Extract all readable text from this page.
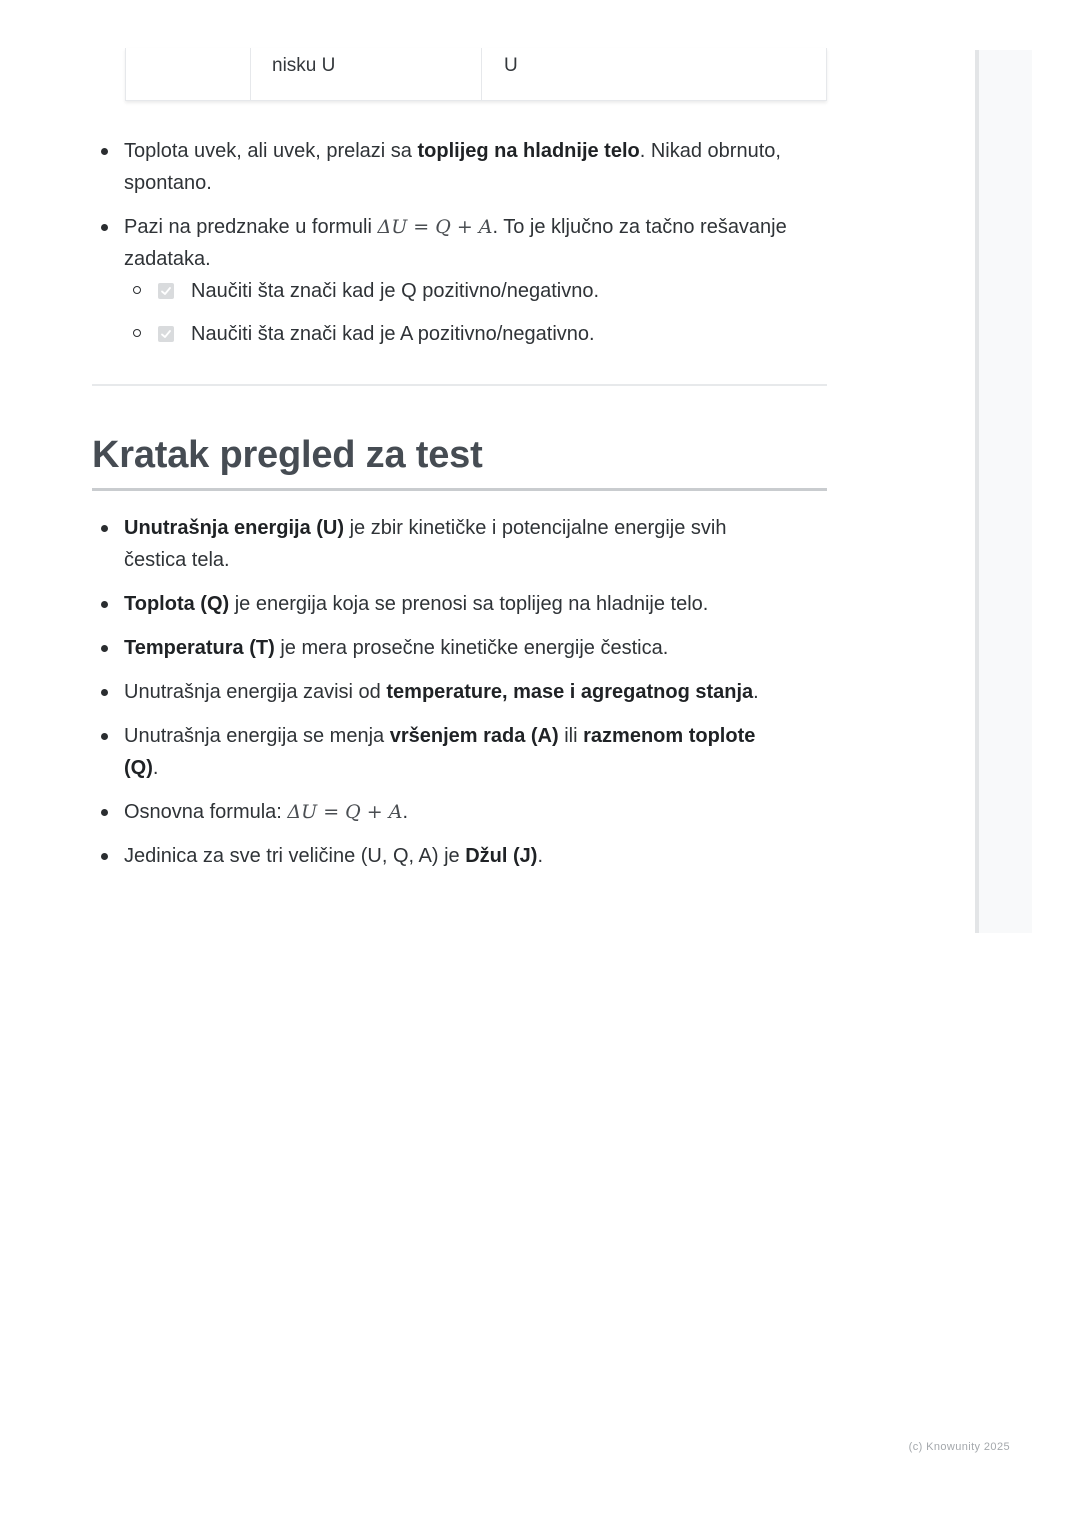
nisku U	U
Toplota uvek, ali uvek, prelazi sa toplijeg na hladnije telo. Nikad obrnuto,
spontano.
Pazi na predznake u formuli ΔU = Q + A. To je ključno za tačno rešavanje
zadataka.
Naučiti šta znači kad je Q pozitivno/negativno.
Naučiti šta znači kad je A pozitivno/negativno.
Kratak pregled za test
Unutrašnja energija (U) je zbir kinetičke i potencijalne energije svih
čestica tela.
Toplota (Q) je energija koja se prenosi sa toplijeg na hladnije telo.
Temperatura (T) je mera prosečne kinetičke energije čestica.
Unutrašnja energija zavisi od temperature, mase i agregatnog stanja.
Unutrašnja energija se menja vršenjem rada (A) ili razmenom toplote
(Q).
Osnovna formula: ΔU = Q + A.
Jedinica za sve tri veličine (U, Q, A) je Džul (J).
(c) Knowunity 2025
